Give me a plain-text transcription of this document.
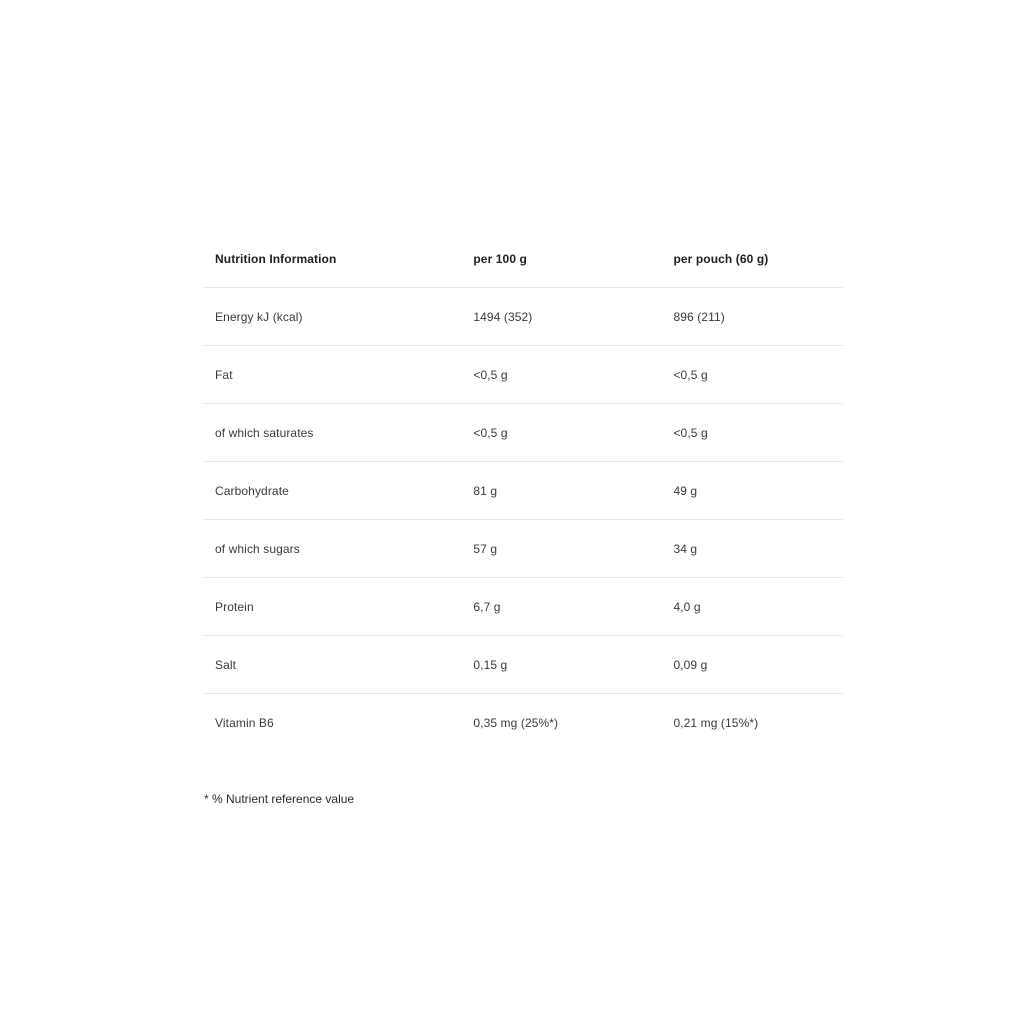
Nutrition Information	per 100 g	per pouch (60 g)
Energy kJ (kcal)	1494 (352)	896 (211)
Fat	<0,5 g	<0,5 g
of which saturates	<0,5 g	<0,5 g
Carbohydrate	81 g	49 g
of which sugars	57 g	34 g
Protein	6,7 g	4,0 g
Salt	0,15 g	0,09 g
Vitamin B6	0,35 mg (25%*)	0,21 mg (15%*)
* % Nutrient reference value
